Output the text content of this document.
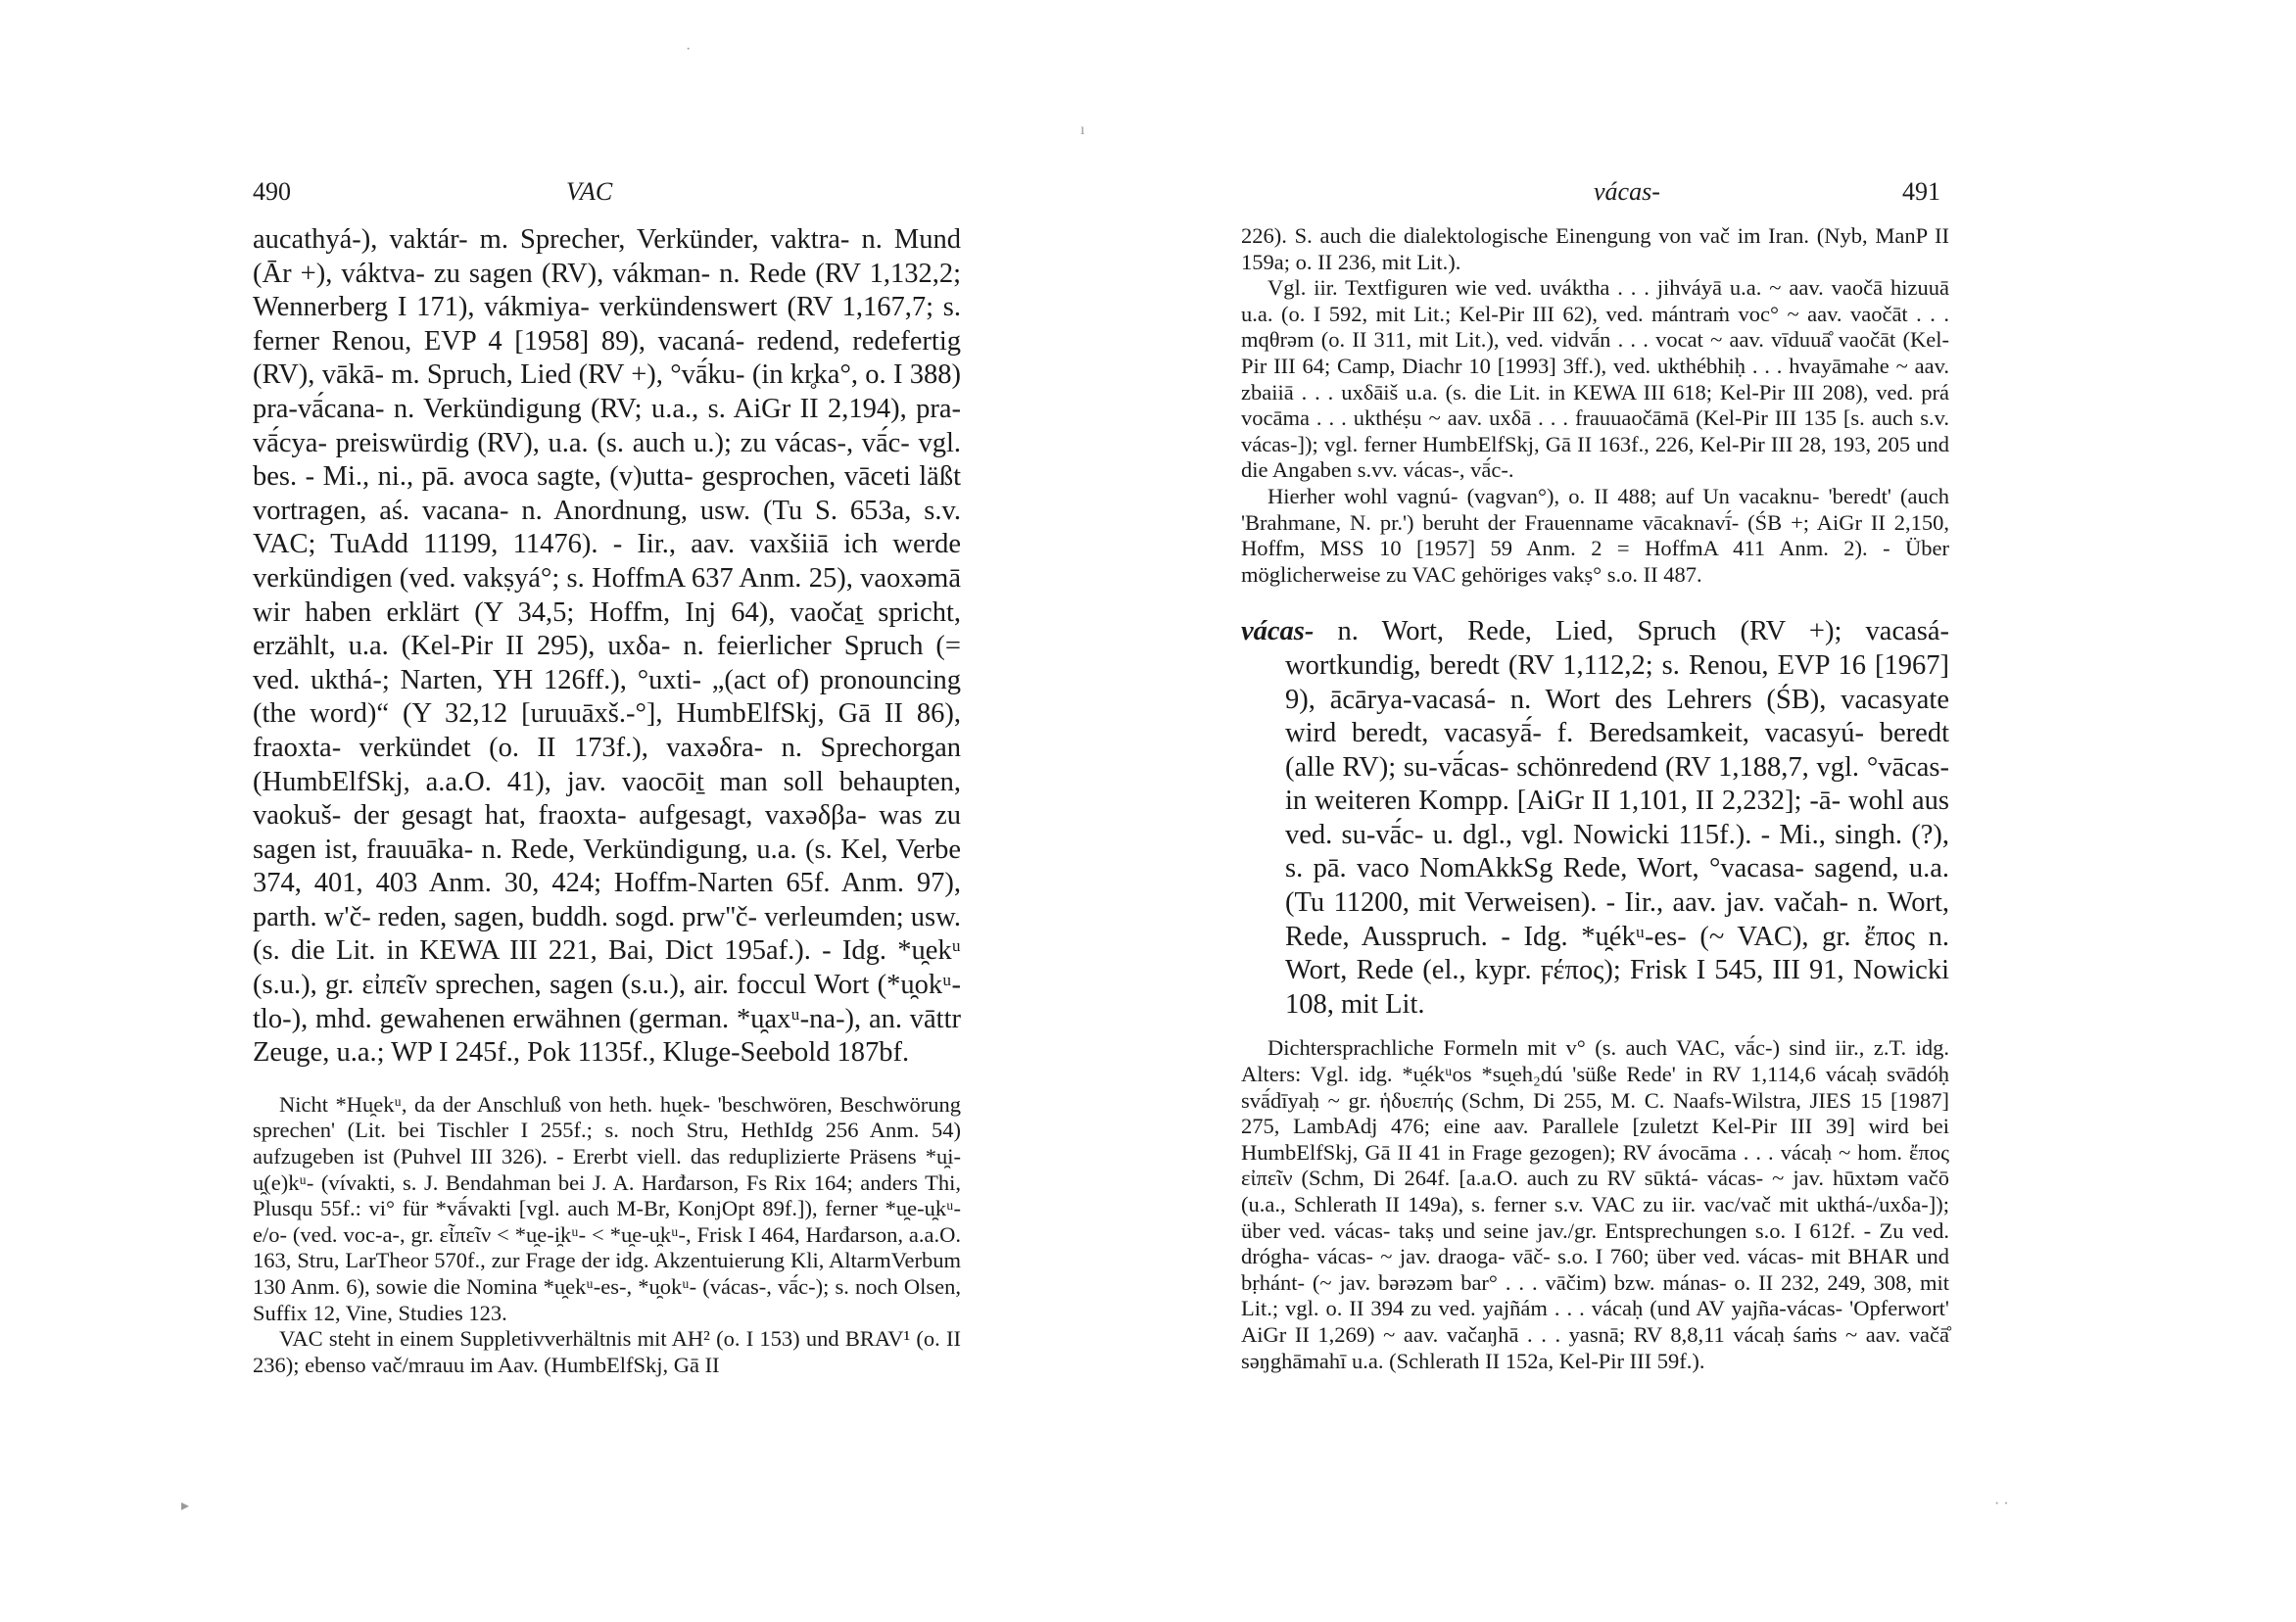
490	VAC

aucathyá-), vaktár- m. Sprecher, Verkünder, vaktra- n. Mund (Ār +), váktva- zu sagen (RV), vákman- n. Rede (RV 1,132,2; Wennerberg I 171), vákmiya- verkündenswert (RV 1,167,7; s. ferner Renou, EVP 4 [1958] 89), vacaná- redend, redefertig (RV), vākā- m. Spruch, Lied (RV +), °vā́ku- (in kr̥ka°, o. I 388) pra-vā́cana- n. Verkündigung (RV; u.a., s. AiGr II 2,194), pra-vā́cya- preiswürdig (RV), u.a. (s. auch u.); zu vácas-, vā́c- vgl. bes. - Mi., ni., pā. avoca sagte, (v)utta- gesprochen, vāceti läßt vortragen, aś. vacana- n. Anordnung, usw. (Tu S. 653a, s.v. VAC; TuAdd 11199, 11476). - Iir., aav. vaxšiiā ich werde verkündigen (ved. vakṣyá°; s. HoffmA 637 Anm. 25), vaoxəmā wir haben erklärt (Y 34,5; Hoffm, Inj 64), vaočaṯ spricht, erzählt, u.a. (Kel-Pir II 295), uxδa- n. feierlicher Spruch (= ved. ukthá-; Narten, YH 126ff.), °uxti- „(act of) pronouncing (the word)“ (Y 32,12 [uruuāxš.-°], HumbElfSkj, Gā II 86), fraoxta- verkündet (o. II 173f.), vaxəδra- n. Sprechorgan (HumbElfSkj, a.a.O. 41), jav. vaocōiṯ man soll behaupten, vaokuš- der gesagt hat, fraoxta- aufgesagt, vaxəδβa- was zu sagen ist, frauuāka- n. Rede, Verkündigung, u.a. (s. Kel, Verbe 374, 401, 403 Anm. 30, 424; Hoffm-Narten 65f. Anm. 97), parth. w'č- reden, sagen, buddh. sogd. prw''č- verleumden; usw. (s. die Lit. in KEWA III 221, Bai, Dict 195af.). - Idg. *u̯ekᵘ (s.u.), gr. εἰπεῖν sprechen, sagen (s.u.), air. foccul Wort (*u̯okᵘ-tlo-), mhd. gewahenen erwähnen (german. *u̯axᵘ-na-), an. vāttr Zeuge, u.a.; WP I 245f., Pok 1135f., Kluge-Seebold 187bf.

Nicht *Hu̯ekᵘ, da der Anschluß von heth. hu̯ek- 'beschwören, Beschwörung sprechen' (Lit. bei Tischler I 255f.; s. noch Stru, HethIdg 256 Anm. 54) aufzugeben ist (Puhvel III 326). - Ererbt viell. das reduplizierte Präsens *u̯i-u̯(e)kᵘ- (vívakti, s. J. Bendahman bei J. A. Harđarson, Fs Rix 164; anders Thi, Plusqu 55f.: vi° für *vā́vakti [vgl. auch M-Br, KonjOpt 89f.]), ferner *u̯e-u̯kᵘ-e/o- (ved. voc-a-, gr. εἶπεῖν < *u̯e-i̯kᵘ- < *u̯e-u̯kᵘ-, Frisk I 464, Harđarson, a.a.O. 163, Stru, LarTheor 570f., zur Frage der idg. Akzentuierung Kli, AltarmVerbum 130 Anm. 6), sowie die Nomina *u̯ekᵘ-es-, *u̯okᵘ- (vácas-, vā́c-); s. noch Olsen, Suffix 12, Vine, Studies 123.

VAC steht in einem Suppletivverhältnis mit AH² (o. I 153) und BRAV¹ (o. II 236); ebenso vač/mrauu im Aav. (HumbElfSkj, Gā II

vácas-	491

226). S. auch die dialektologische Einengung von vač im Iran. (Nyb, ManP II 159a; o. II 236, mit Lit.).

Vgl. iir. Textfiguren wie ved. uváktha . . . jihváyā u.a. ~ aav. vaočā hizuuā u.a. (o. I 592, mit Lit.; Kel-Pir III 62), ved. mántraṁ voc° ~ aav. vaočāt . . . mqθrəm (o. II 311, mit Lit.), ved. vidvā́n . . . vocat ~ aav. vīduuā̊ vaočāt (Kel-Pir III 64; Camp, Diachr 10 [1993] 3ff.), ved. ukthébhiḥ . . . hvayāmahe ~ aav. zbaiiā . . . uxδāiš u.a. (s. die Lit. in KEWA III 618; Kel-Pir III 208), ved. prá vocāma . . . ukthéṣu ~ aav. uxδā . . . frauuaočāmā (Kel-Pir III 135 [s. auch s.v. vácas-]); vgl. ferner HumbElfSkj, Gā II 163f., 226, Kel-Pir III 28, 193, 205 und die Angaben s.vv. vácas-, vā́c-.

Hierher wohl vagnú- (vagvan°), o. II 488; auf Un vacaknu- 'beredt' (auch 'Brahmane, N. pr.') beruht der Frauenname vācaknavī́- (ŚB +; AiGr II 2,150, Hoffm, MSS 10 [1957] 59 Anm. 2 = HoffmA 411 Anm. 2). - Über möglicherweise zu VAC gehöriges vakṣ° s.o. II 487.

vácas- n. Wort, Rede, Lied, Spruch (RV +); vacasá- wortkundig, beredt (RV 1,112,2; s. Renou, EVP 16 [1967] 9), ācārya-vacasá- n. Wort des Lehrers (ŚB), vacasyate wird beredt, vacasyā́- f. Beredsamkeit, vacasyú- beredt (alle RV); su-vā́cas- schönredend (RV 1,188,7, vgl. °vācas- in weiteren Kompp. [AiGr II 1,101, II 2,232]; -ā- wohl aus ved. su-vā́c- u. dgl., vgl. Nowicki 115f.). - Mi., singh. (?), s. pā. vaco NomAkkSg Rede, Wort, °vacasa- sagend, u.a. (Tu 11200, mit Verweisen). - Iir., aav. jav. vačah- n. Wort, Rede, Ausspruch. - Idg. *u̯ékᵘ-es- (~ VAC), gr. ἔπος n. Wort, Rede (el., kypr. ϝέπος); Frisk I 545, III 91, Nowicki 108, mit Lit.

Dichtersprachliche Formeln mit v° (s. auch VAC, vā́c-) sind iir., z.T. idg. Alters: Vgl. idg. *u̯ékᵘos *su̯eh₂dú 'süße Rede' in RV 1,114,6 vácaḥ svādóḥ svā́dīyaḥ ~ gr. ἡδυεπής (Schm, Di 255, M. C. Naafs-Wilstra, JIES 15 [1987] 275, LambAdj 476; eine aav. Parallele [zuletzt Kel-Pir III 39] wird bei HumbElfSkj, Gā II 41 in Frage gezogen); RV ávocāma . . . vácaḥ ~ hom. ἔπος εἰπεῖν (Schm, Di 264f. [a.a.O. auch zu RV sūktá- vácas- ~ jav. hūxtəm vačō (u.a., Schlerath II 149a), s. ferner s.v. VAC zu iir. vac/vač mit ukthá-/uxδa-]); über ved. vácas- takṣ und seine jav./gr. Entsprechungen s.o. I 612f. - Zu ved. drógha- vácas- ~ jav. draoga- vāč- s.o. I 760; über ved. vácas- mit BHAR und bṛhánt- (~ jav. bərəzəm bar° . . . vāčim) bzw. mánas- o. II 232, 249, 308, mit Lit.; vgl. o. II 394 zu ved. yajñám . . . vácaḥ (und AV yajña-vácas- 'Opferwort' AiGr II 1,269) ~ aav. vačaŋhā . . . yasnā; RV 8,8,11 vácaḥ śaṁs ~ aav. vačā̊ səŋghāmahī u.a. (Schlerath II 152a, Kel-Pir III 59f.).

·
ı
▸	· ·
